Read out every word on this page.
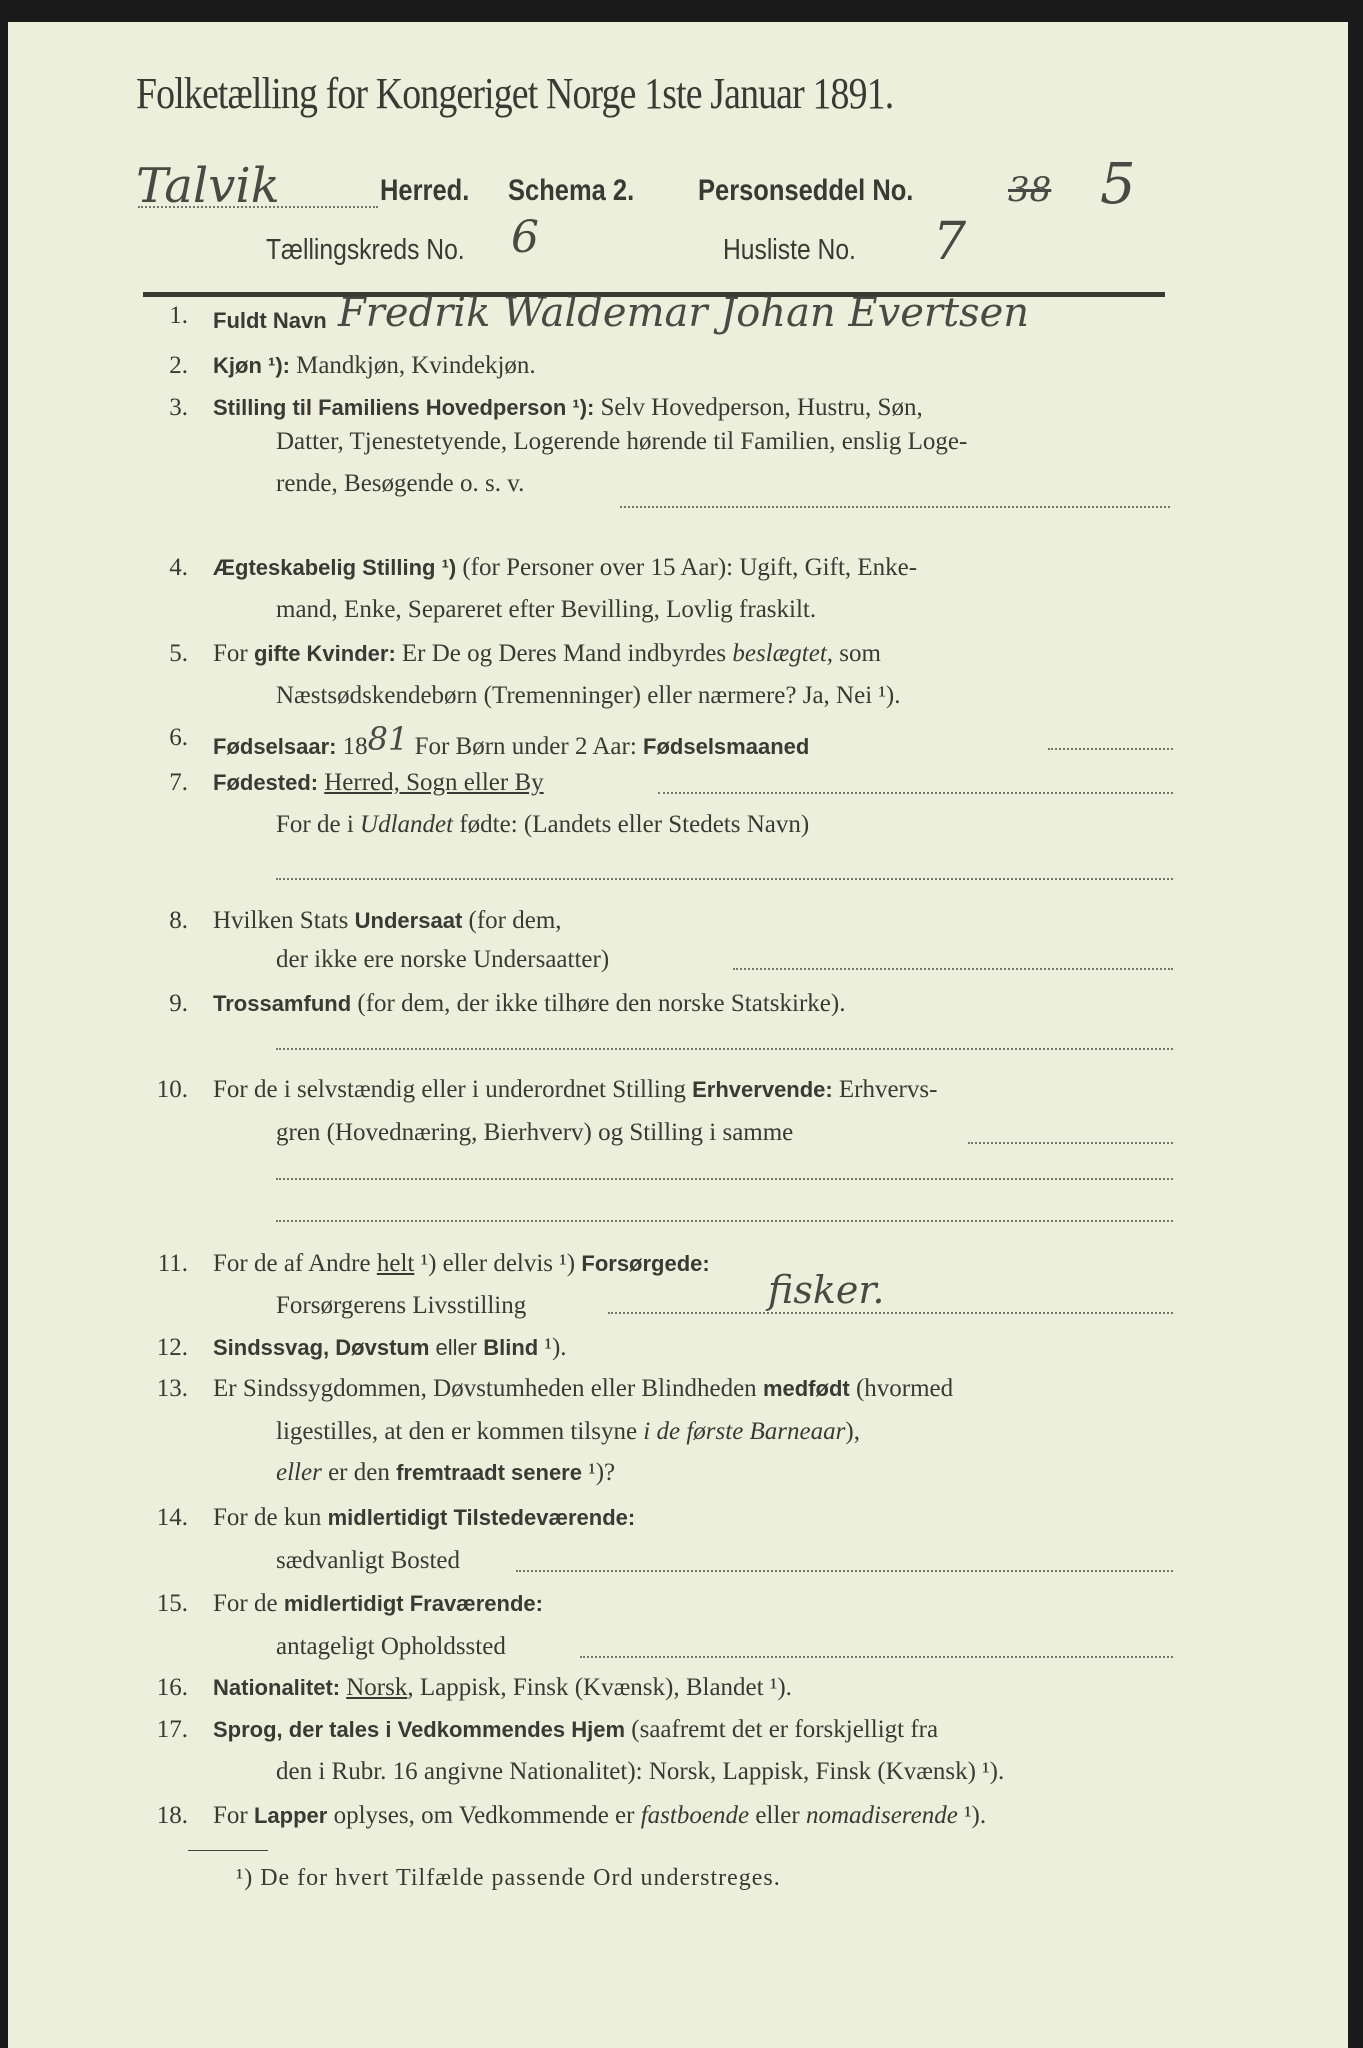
Folketælling for Kongeriget Norge 1ste Januar 1891.
Talvik	Herred. Schema 2. Personseddel No.	38 5
Tællingskreds No. 6	Husliste No. 7
1. Fuldt Navn Fredrik Waldemar Johan Evertsen
2. Kjøn ¹): Mandkjøn, Kvindekjøn.
3. Stilling til Familiens Hovedperson ¹): Selv Hovedperson, Hustru, Søn,
Datter, Tjenestetyende, Logerende hørende til Familien, enslig Loge-
rende, Besøgende o. s. v.
4. Ægteskabelig Stilling ¹) (for Personer over 15 Aar): Ugift, Gift, Enke-
mand, Enke, Separeret efter Bevilling, Lovlig fraskilt.
5. For gifte Kvinder: Er De og Deres Mand indbyrdes beslægtet, som
Næstsødskendebørn (Tremenninger) eller nærmere? Ja, Nei ¹).
6. Fødselsaar: 1881 For Børn under 2 Aar: Fødselsmaaned
7. Fødested: Herred, Sogn eller By
For de i Udlandet fødte: (Landets eller Stedets Navn)
8. Hvilken Stats Undersaat (for dem,
der ikke ere norske Undersaatter)
9. Trossamfund (for dem, der ikke tilhøre den norske Statskirke).
10. For de i selvstændig eller i underordnet Stilling Erhvervende: Erhvervs-
gren (Hovednæring, Bierhverv) og Stilling i samme
11. For de af Andre helt ¹) eller delvis ¹) Forsørgede:
Forsørgerens Livsstilling	fisker.
12. Sindssvag, Døvstum eller Blind ¹).
13. Er Sindssygdommen, Døvstumheden eller Blindheden medfødt (hvormed
ligestilles, at den er kommen tilsyne i de første Barneaar),
eller er den fremtraadt senere ¹)?
14. For de kun midlertidigt Tilstedeværende:
sædvanligt Bosted
15. For de midlertidigt Fraværende:
antageligt Opholdssted
16. Nationalitet: Norsk, Lappisk, Finsk (Kvænsk), Blandet ¹).
17. Sprog, der tales i Vedkommendes Hjem (saafremt det er forskjelligt fra
den i Rubr. 16 angivne Nationalitet): Norsk, Lappisk, Finsk (Kvænsk) ¹).
18. For Lapper oplyses, om Vedkommende er fastboende eller nomadiserende ¹).
¹) De for hvert Tilfælde passende Ord understreges.
